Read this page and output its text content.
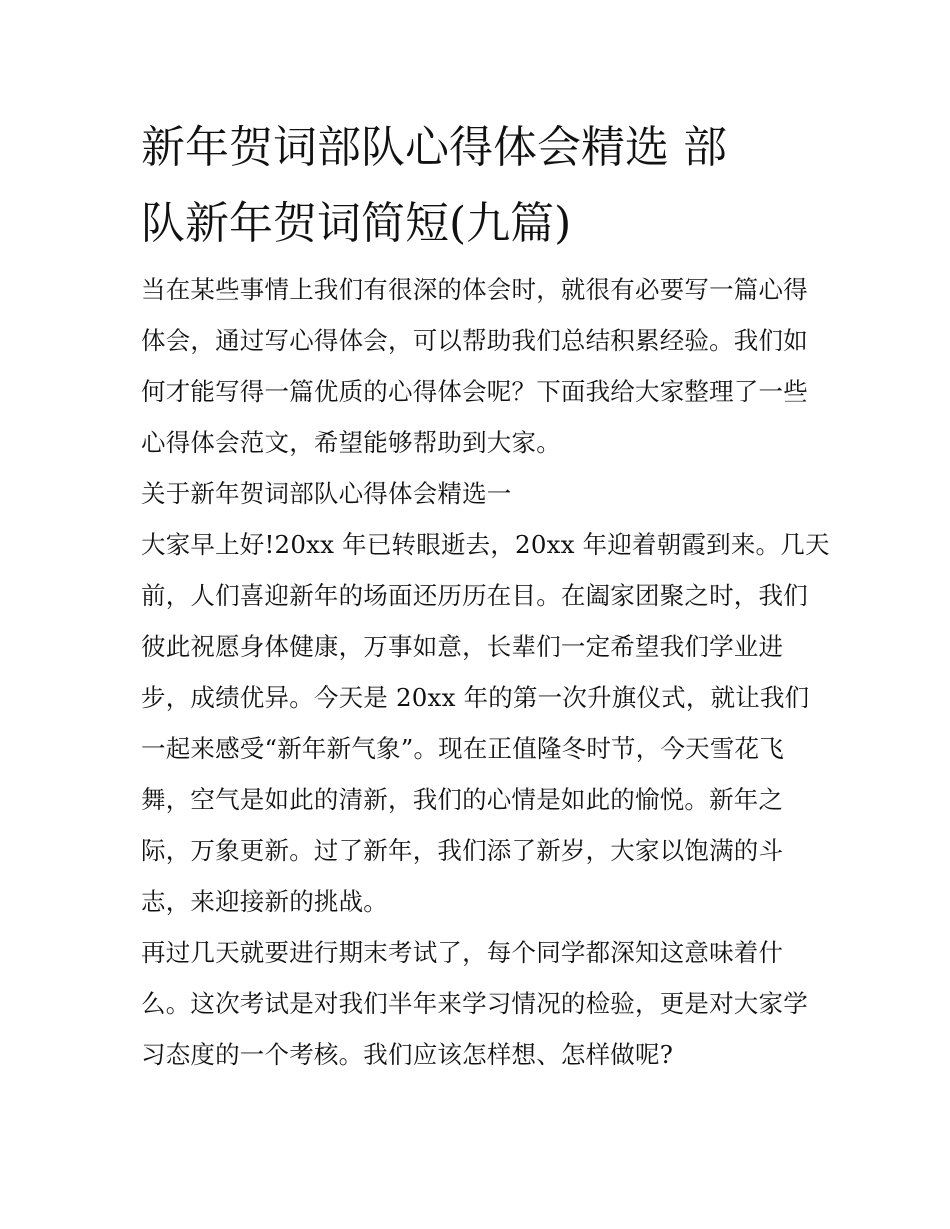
新年贺词部队心得体会精选 部
队新年贺词简短(九篇)
当在某些事情上我们有很深的体会时，就很有必要写一篇心得
体会，通过写心得体会，可以帮助我们总结积累经验。我们如
何才能写得一篇优质的心得体会呢？下面我给大家整理了一些
心得体会范文，希望能够帮助到大家。
关于新年贺词部队心得体会精选一
大家早上好!20xx 年已转眼逝去，20xx 年迎着朝霞到来。几天
前，人们喜迎新年的场面还历历在目。在阖家团聚之时，我们
彼此祝愿身体健康，万事如意，长辈们一定希望我们学业进
步，成绩优异。今天是 20xx 年的第一次升旗仪式，就让我们
一起来感受“新年新气象”。现在正值隆冬时节，今天雪花飞
舞，空气是如此的清新，我们的心情是如此的愉悦。新年之
际，万象更新。过了新年，我们添了新岁，大家以饱满的斗
志，来迎接新的挑战。
再过几天就要进行期末考试了，每个同学都深知这意味着什
么。这次考试是对我们半年来学习情况的检验，更是对大家学
习态度的一个考核。我们应该怎样想、怎样做呢?
